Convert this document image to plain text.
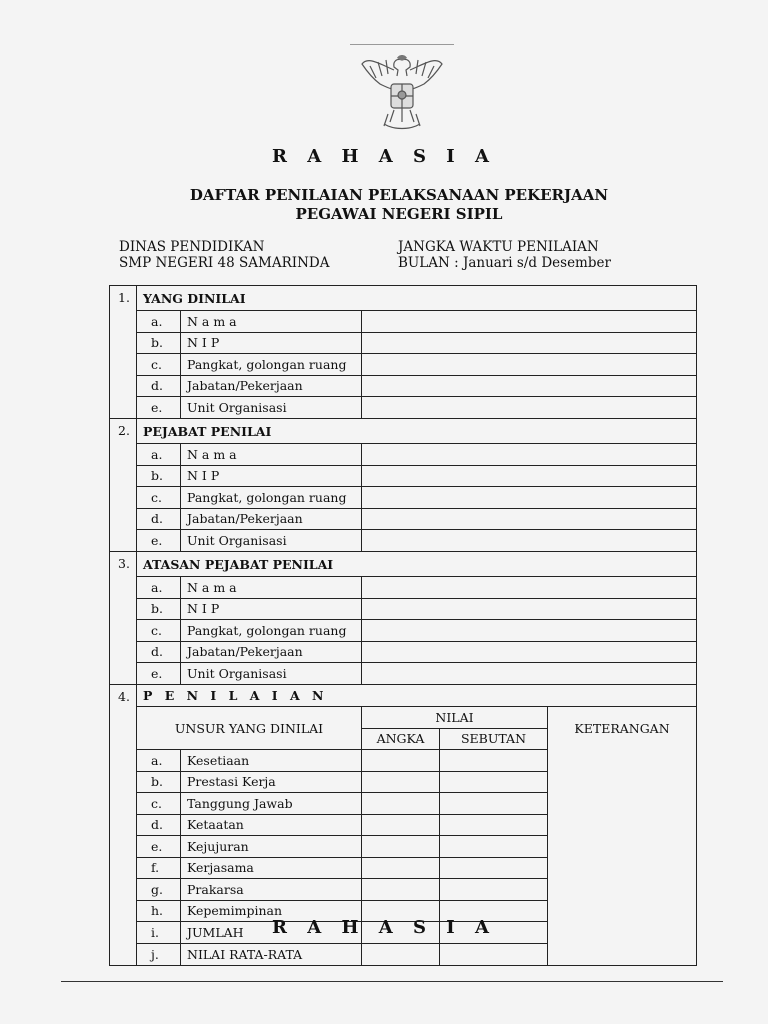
R A H A S I A
DAFTAR PENILAIAN PELAKSANAAN PEKERJAAN
PEGAWAI NEGERI SIPIL
DINAS PENDIDIKAN
SMP NEGERI 48 SAMARINDA
JANGKA WAKTU PENILAIAN
BULAN : Januari s/d Desember
1.	YANG DINILAI				
	a.	N a m a			
	b.	N I P			
	c.	Pangkat, golongan ruang			
	d.	Jabatan/Pekerjaan			
	e.	Unit Organisasi			
2.	PEJABAT PENILAI				
	a.	N a m a			
	b.	N I P			
	c.	Pangkat, golongan ruang			
	d.	Jabatan/Pekerjaan			
	e.	Unit Organisasi			
3.	ATASAN PEJABAT PENILAI				
	a.	N a m a			
	b.	N I P			
	c.	Pangkat, golongan ruang			
	d.	Jabatan/Pekerjaan			
	e.	Unit Organisasi			
4.	P E N I L A I A N				
	UNSUR YANG DINILAI		NILAI		KETERANGAN
			ANGKA	SEBUTAN	
	a.	Kesetiaan			
	b.	Prestasi Kerja			
	c.	Tanggung Jawab			
	d.	Ketaatan			
	e.	Kejujuran			
	f.	Kerjasama			
	g.	Prakarsa			
	h.	Kepemimpinan			
	i.	JUMLAH			
	j.	NILAI RATA-RATA			
R A H A S I A
